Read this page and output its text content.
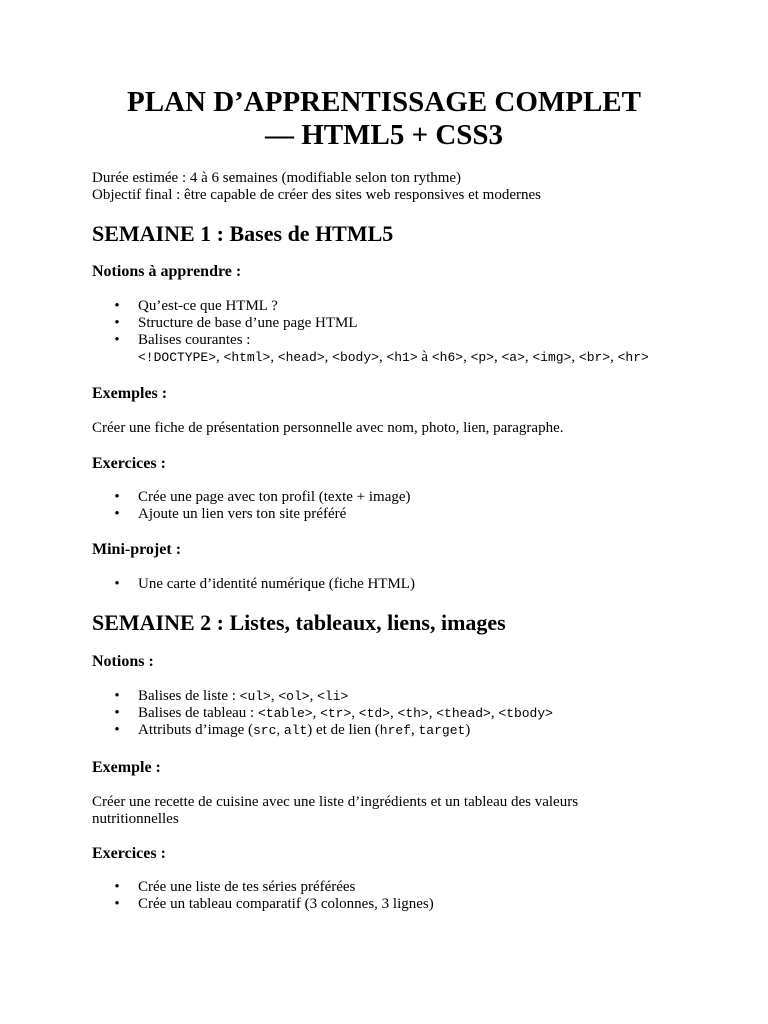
PLAN D’APPRENTISSAGE COMPLET
— HTML5 + CSS3
Durée estimée : 4 à 6 semaines (modifiable selon ton rythme)
Objectif final : être capable de créer des sites web responsives et modernes
SEMAINE 1 : Bases de HTML5
Notions à apprendre :
• Qu’est-ce que HTML ?
• Structure de base d’une page HTML
• Balises courantes :
<!DOCTYPE>, <html>, <head>, <body>, <h1> à <h6>, <p>, <a>, <img>, <br>, <hr>
Exemples :

Créer une fiche de présentation personnelle avec nom, photo, lien, paragraphe.

Exercices :
• Crée une page avec ton profil (texte + image)
• Ajoute un lien vers ton site préféré
Mini-projet :
• Une carte d’identité numérique (fiche HTML)
SEMAINE 2 : Listes, tableaux, liens, images
Notions :
• Balises de liste : <ul>, <ol>, <li>
• Balises de tableau : <table>, <tr>, <td>, <th>, <thead>, <tbody>
• Attributs d’image (src, alt) et de lien (href, target)
Exemple :

Créer une recette de cuisine avec une liste d’ingrédients et un tableau des valeurs nutritionnelles

Exercices :
• Crée une liste de tes séries préférées
• Crée un tableau comparatif (3 colonnes, 3 lignes)
